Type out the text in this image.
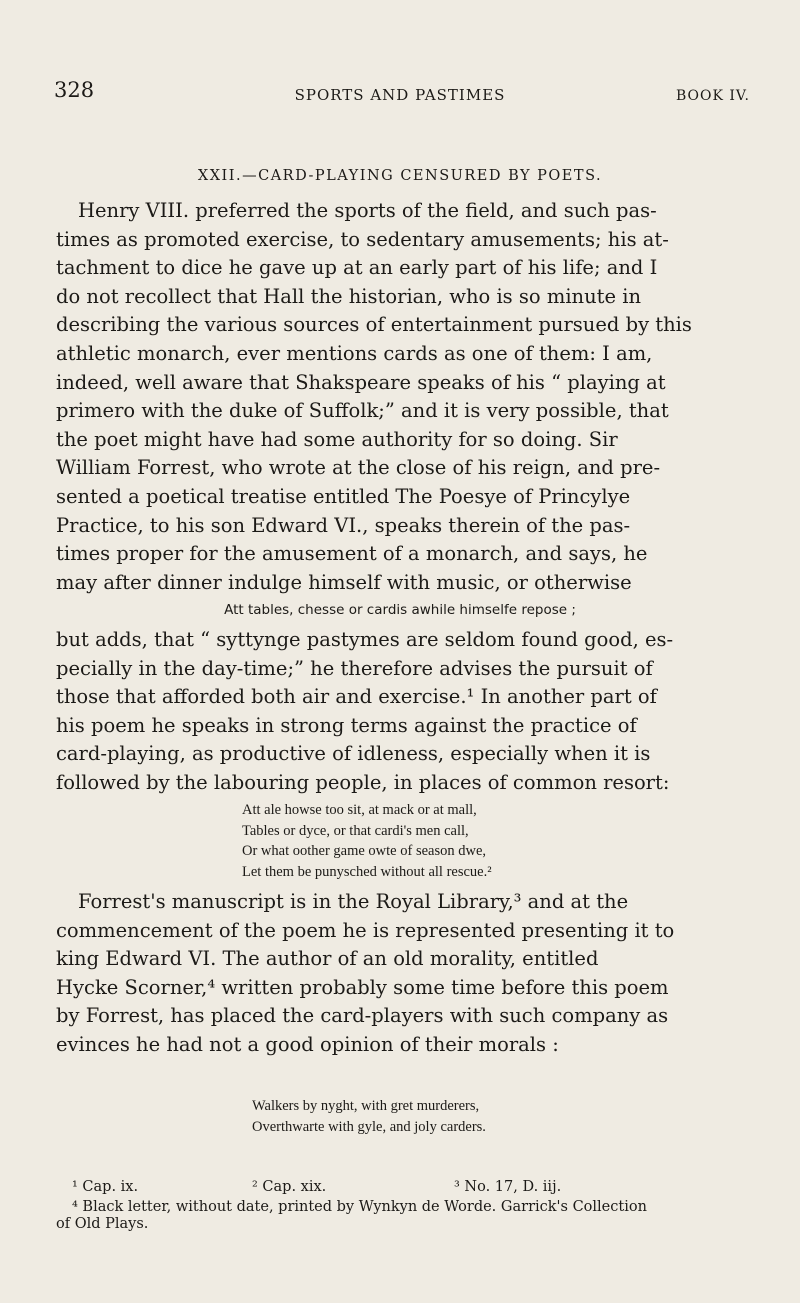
328	SPORTS AND PASTIMES	BOOK IV.
XXII.—CARD-PLAYING CENSURED BY POETS.
Henry VIII. preferred the sports of the field, and such pas-
times as promoted exercise, to sedentary amusements; his at-
tachment to dice he gave up at an early part of his life; and I
do not recollect that Hall the historian, who is so minute in
describing the various sources of entertainment pursued by this
athletic monarch, ever mentions cards as one of them: I am,
indeed, well aware that Shakspeare speaks of his “ playing at
primero with the duke of Suffolk;” and it is very possible, that
the poet might have had some authority for so doing. Sir
William Forrest, who wrote at the close of his reign, and pre-
sented a poetical treatise entitled The Poesye of Princylye
Practice, to his son Edward VI., speaks therein of the pas-
times proper for the amusement of a monarch, and says, he
may after dinner indulge himself with music, or otherwise
Att tables, chesse or cardis awhile himselfe repose ;
but adds, that “ syttynge pastymes are seldom found good, es-
pecially in the day-time;” he therefore advises the pursuit of
those that afforded both air and exercise.¹ In another part of
his poem he speaks in strong terms against the practice of
card-playing, as productive of idleness, especially when it is
followed by the labouring people, in places of common resort:
Att ale howse too sit, at mack or at mall,
Tables or dyce, or that cardi's men call,
Or what oother game owte of season dwe,
Let them be punysched without all rescue.²
Forrest's manuscript is in the Royal Library,³ and at the
commencement of the poem he is represented presenting it to
king Edward VI. The author of an old morality, entitled
Hycke Scorner,⁴ written probably some time before this poem
by Forrest, has placed the card-players with such company as
evinces he had not a good opinion of their morals :
Walkers by nyght, with gret murderers,
Overthwarte with gyle, and joly carders.
¹ Cap. ix.	² Cap. xix.	³ No. 17, D. iij.
⁴ Black letter, without date, printed by Wynkyn de Worde. Garrick's Collection
of Old Plays.
